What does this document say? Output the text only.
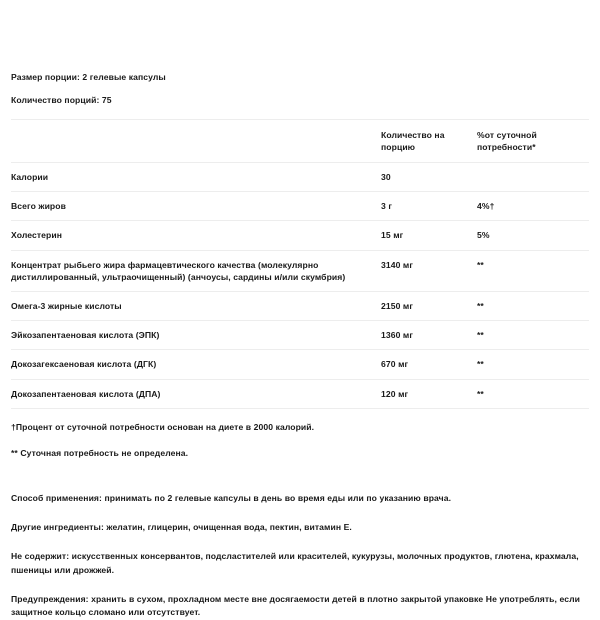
Размер порции: 2 гелевые капсулы

Количество порций: 75

	Количество на порцию	%от суточной потребности*
Калории	30	
Всего жиров	3 г	4%†
Холестерин	15 мг	5%
Концентрат рыбьего жира фармацевтического качества (молекулярно дистиллированный, ультраочищенный) (анчоусы, сардины и/или скумбрия)	3140 мг	**
Омега-3 жирные кислоты	2150 мг	**
Эйкозапентаеновая кислота (ЭПК)	1360 мг	**
Докозагексаеновая кислота (ДГК)	670 мг	**
Докозапентаеновая кислота (ДПА)	120 мг	**

†Процент от суточной потребности основан на диете в 2000 калорий.

** Суточная потребность не определена.

Способ применения: принимать по 2 гелевые капсулы в день во время еды или по указанию врача.

Другие ингредиенты: желатин, глицерин, очищенная вода, пектин, витамин Е.

Не содержит: искусственных консервантов, подсластителей или красителей, кукурузы, молочных продуктов, глютена, крахмала, пшеницы или дрожжей.

Предупреждения: хранить в сухом, прохладном месте вне досягаемости детей в плотно закрытой упаковке Не употреблять, если защитное кольцо сломано или отсутствует.
